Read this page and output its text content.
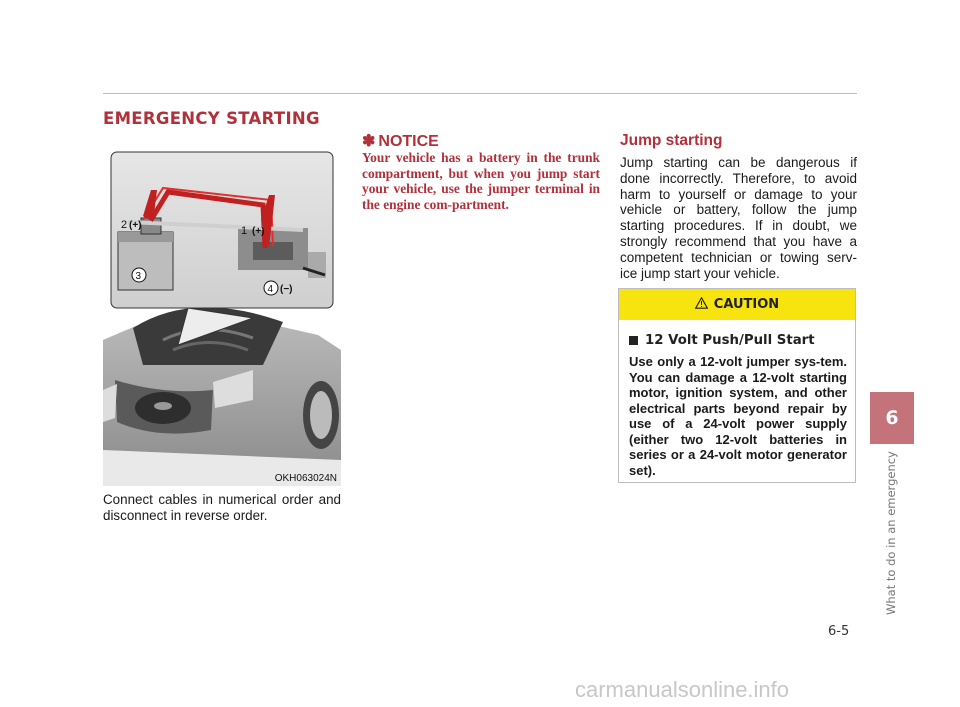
EMERGENCY STARTING
2 (+)	1 (+)
3
4 (−)
OKH063024N
Connect cables in numerical order and disconnect in reverse order.
✽ NOTICE
Your vehicle has a battery in the trunk compartment, but when you jump start your vehicle, use the jumper terminal in the engine com-partment.
Jump starting
Jump starting can be dangerous if done incorrectly. Therefore, to avoid harm to yourself or damage to your vehicle or battery, follow the jump starting procedures. If in doubt, we strongly recommend that you have a competent technician or towing serv-ice jump start your vehicle.
CAUTION
12 Volt Push/Pull Start
Use only a 12-volt jumper sys-tem. You can damage a 12-volt starting motor, ignition system, and other electrical parts beyond repair by use of a 24-volt power supply (either two 12-volt batteries in series or a 24-volt motor generator set).
6
What to do in an emergency
6-5
carmanualsonline.info
